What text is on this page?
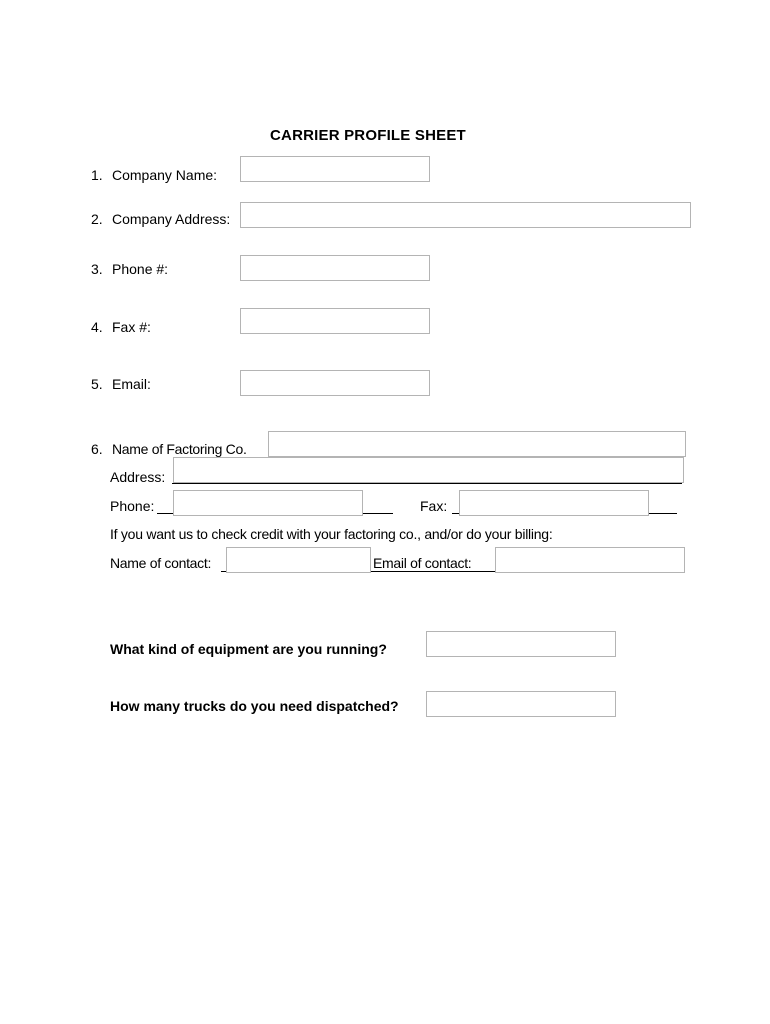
CARRIER PROFILE SHEET
1. Company Name:
2. Company Address:
3. Phone #:
4. Fax #:
5. Email:
6. Name of Factoring Co.
Address:
Phone:	Fax:
If you want us to check credit with your factoring co., and/or do your billing:
Name of contact:	Email of contact:
What kind of equipment are you running?
How many trucks do you need dispatched?
